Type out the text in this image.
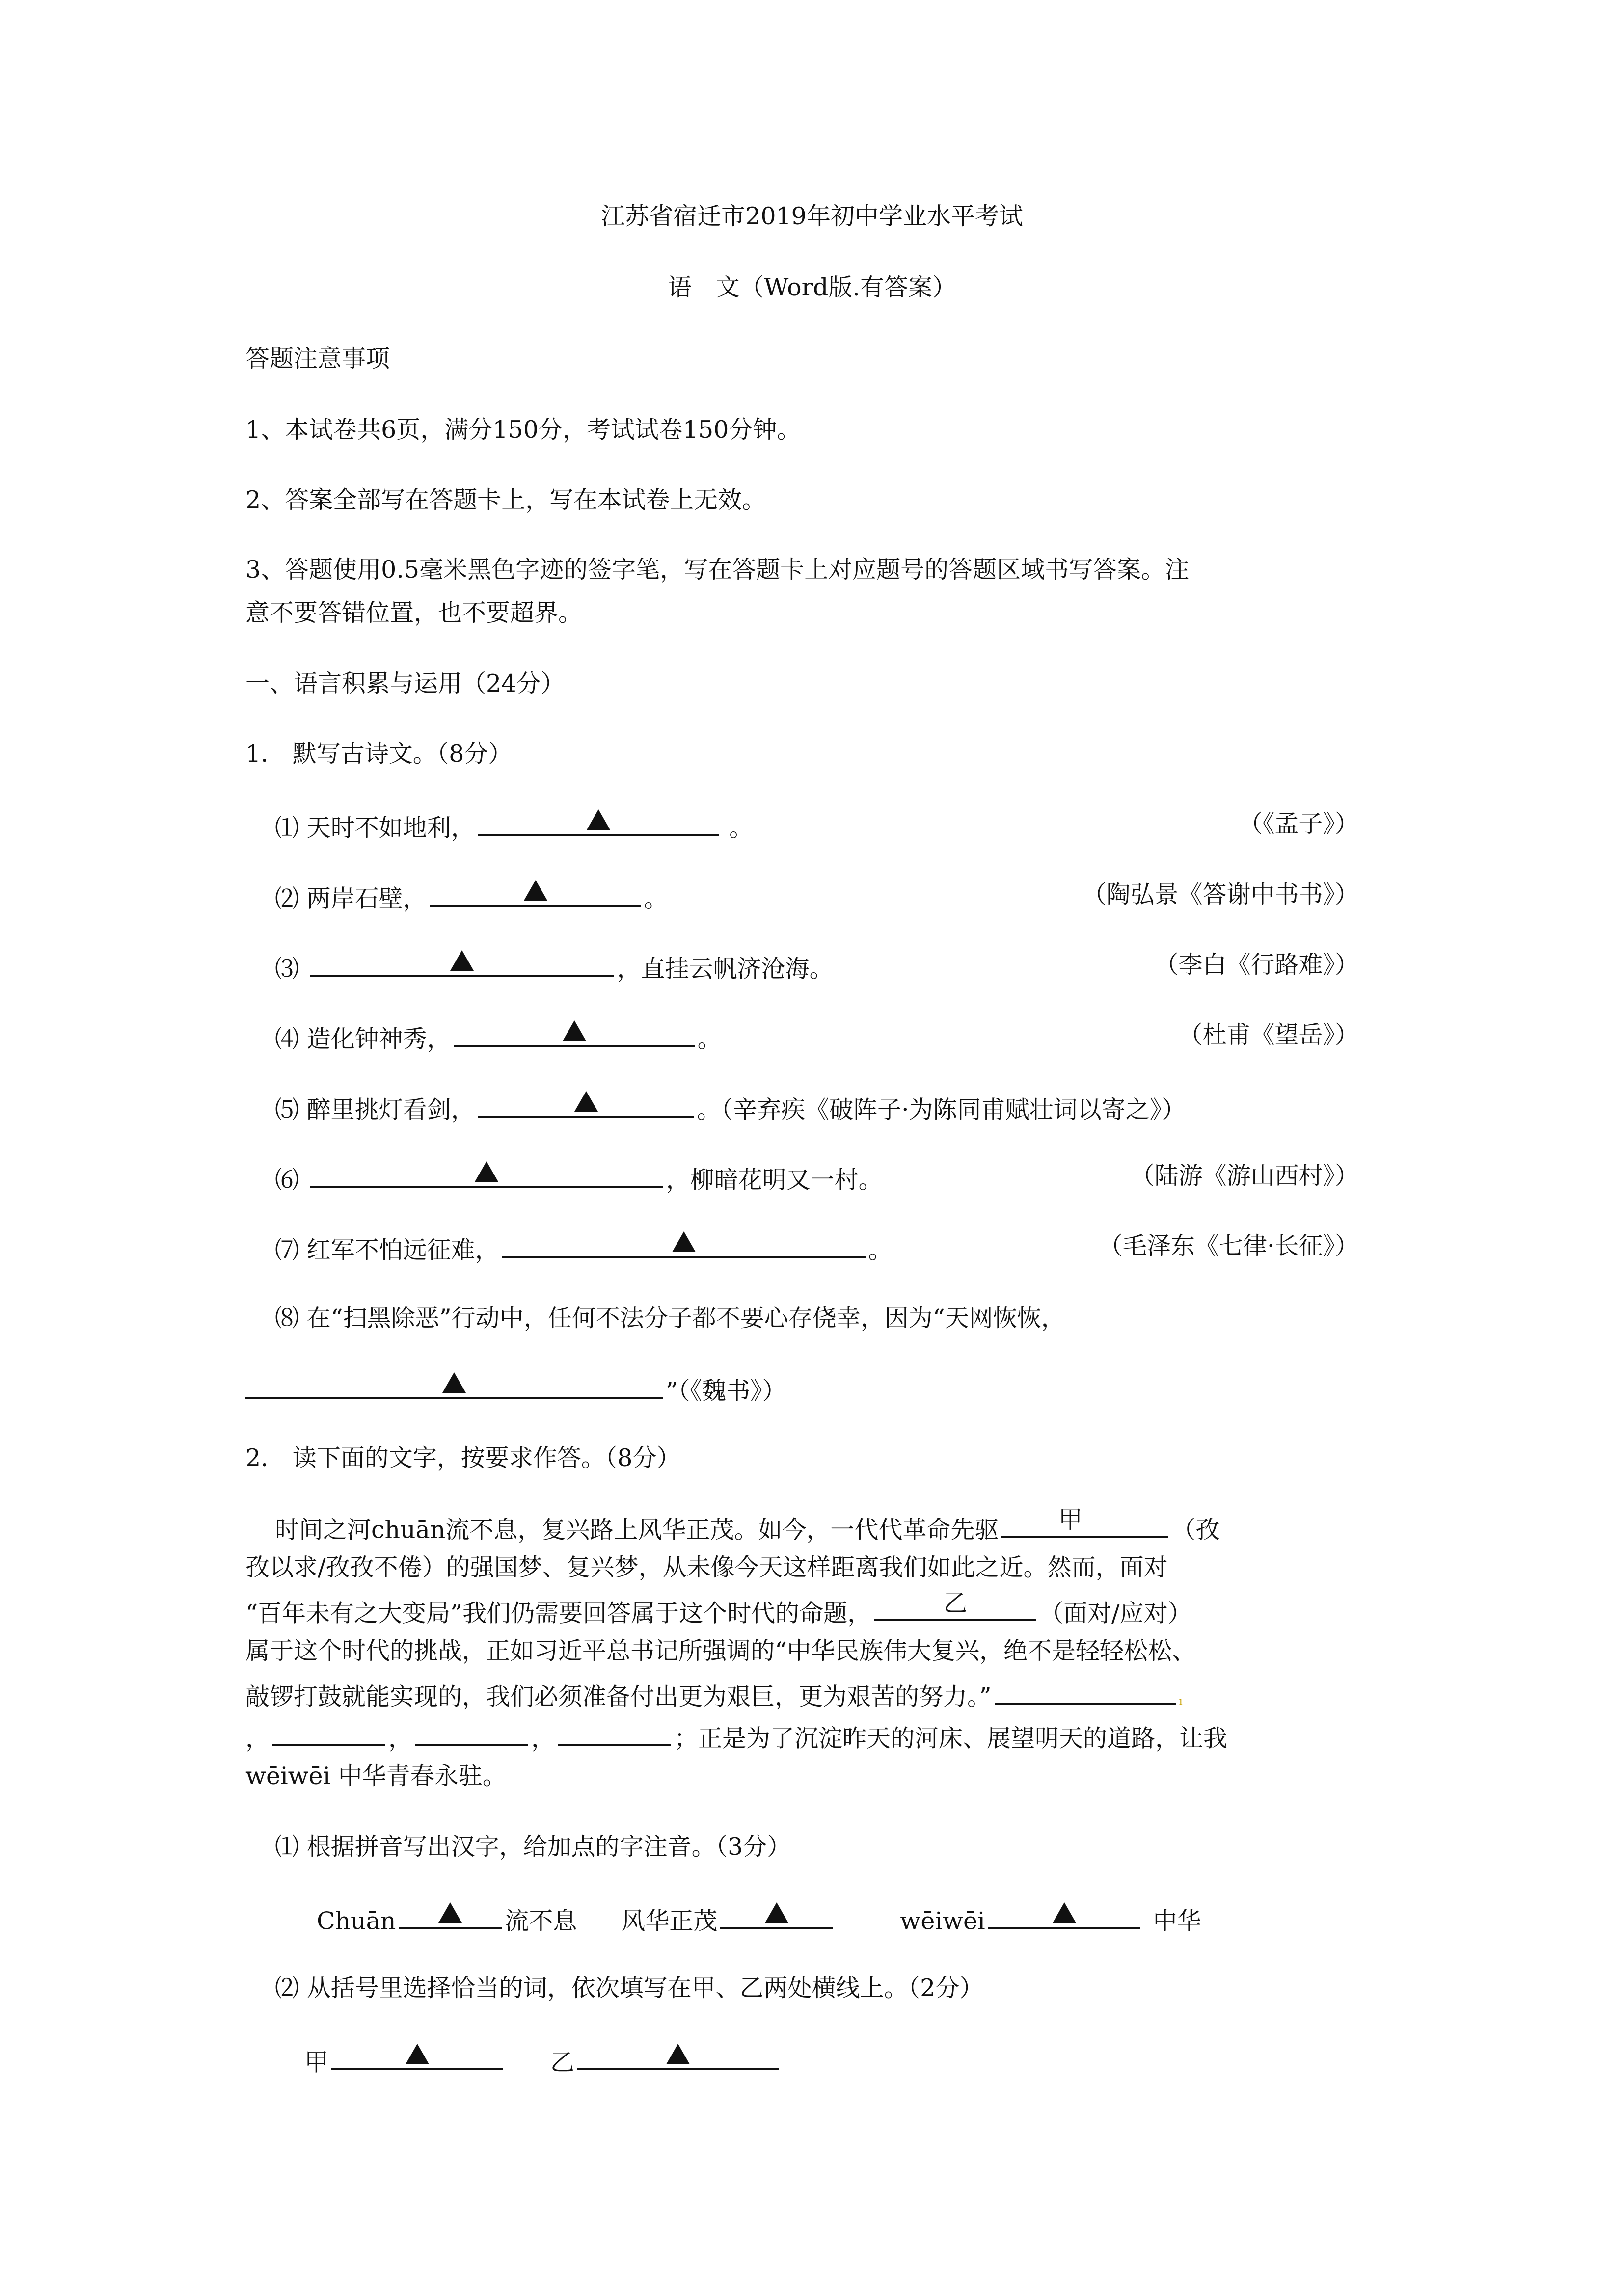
江苏省宿迁市2019年初中学业水平考试
语　文（Word版.有答案）
答题注意事项
1、本试卷共6页，满分150分，考试试卷150分钟。
2、答案全部写在答题卡上，写在本试卷上无效。
3、答题使用0.5毫米黑色字迹的签字笔，写在答题卡上对应题号的答题区域书写答案。注
意不要答错位置，也不要超界。
一、语言积累与运用（24分）
1． 默写古诗文。（8分）
⑴ 天时不如地利，	。	（《孟子》）
⑵ 两岸石壁，	。	（陶弘景《答谢中书书》）
⑶	，直挂云帆济沧海。	（李白《行路难》）
⑷ 造化钟神秀，	。	（杜甫《望岳》）
⑸ 醉里挑灯看剑，	。（辛弃疾《破阵子·为陈同甫赋壮词以寄之》）
⑹	，柳暗花明又一村。	（陆游《游山西村》）
⑺ 红军不怕远征难，	。	（毛泽东《七律·长征》）
⑻ 在“扫黑除恶”行动中，任何不法分子都不要心存侥幸，因为“天网恢恢，
”（《魏书》）
2． 读下面的文字，按要求作答。（8分）
时间之河chuān流不息，复兴路上风华正茂。如今，一代代革命先驱	甲	（孜
孜以求/孜孜不倦）的强国梦、复兴梦，从未像今天这样距离我们如此之近。然而，面对
“百年未有之大变局”我们仍需要回答属于这个时代的命题，	乙	（面对/应对）
属于这个时代的挑战，正如习近平总书记所强调的“中华民族伟大复兴，绝不是轻轻松松、
敲锣打鼓就能实现的，我们必须准备付出更为艰巨，更为艰苦的努力。”	ı
，	，	，	；正是为了沉淀昨天的河床、展望明天的道路，让我
wēiwēi 中华青春永驻。
⑴ 根据拼音写出汉字，给加点的字注音。（3分）
Chuān	流不息 风华正茂	wēiwēi	中华
⑵ 从括号里选择恰当的词，依次填写在甲、乙两处横线上。（2分）
甲	乙
